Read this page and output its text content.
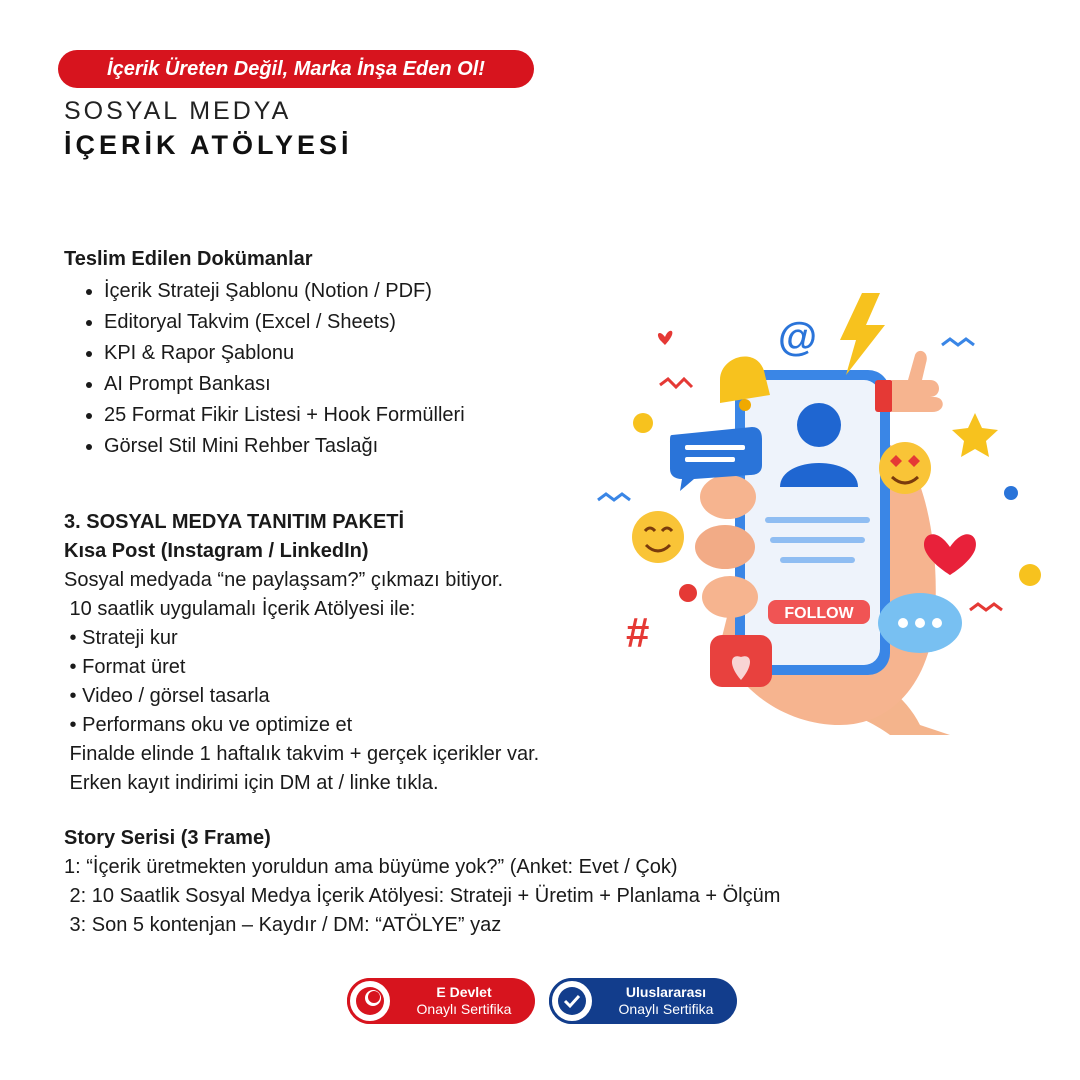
İçerik Üreten Değil, Marka İnşa Eden Ol!
SOSYAL MEDYA
İÇERİK ATÖLYESİ
Teslim Edilen Dokümanlar
• İçerik Strateji Şablonu (Notion / PDF)
• Editoryal Takvim (Excel / Sheets)
• KPI & Rapor Şablonu
• AI Prompt Bankası
• 25 Format Fikir Listesi + Hook Formülleri
• Görsel Stil Mini Rehber Taslağı
3. SOSYAL MEDYA TANITIM PAKETİ
Kısa Post (Instagram / LinkedIn)
Sosyal medyada “ne paylaşsam?” çıkmazı bitiyor.
10 saatlik uygulamalı İçerik Atölyesi ile:
• Strateji kur
• Format üret
• Video / görsel tasarla
• Performans oku ve optimize et
Finalde elinde 1 haftalık takvim + gerçek içerikler var.
Erken kayıt indirimi için DM at / linke tıkla.
Story Serisi (3 Frame)
1: “İçerik üretmekten yoruldun ama büyüme yok?” (Anket: Evet / Çok)
2: 10 Saatlik Sosyal Medya İçerik Atölyesi: Strateji + Üretim + Planlama + Ölçüm
3: Son 5 kontenjan – Kaydır / DM: “ATÖLYE” yaz
FOLLOW
@
#
E Devlet
Onaylı Sertifika
Uluslararası
Onaylı Sertifika
